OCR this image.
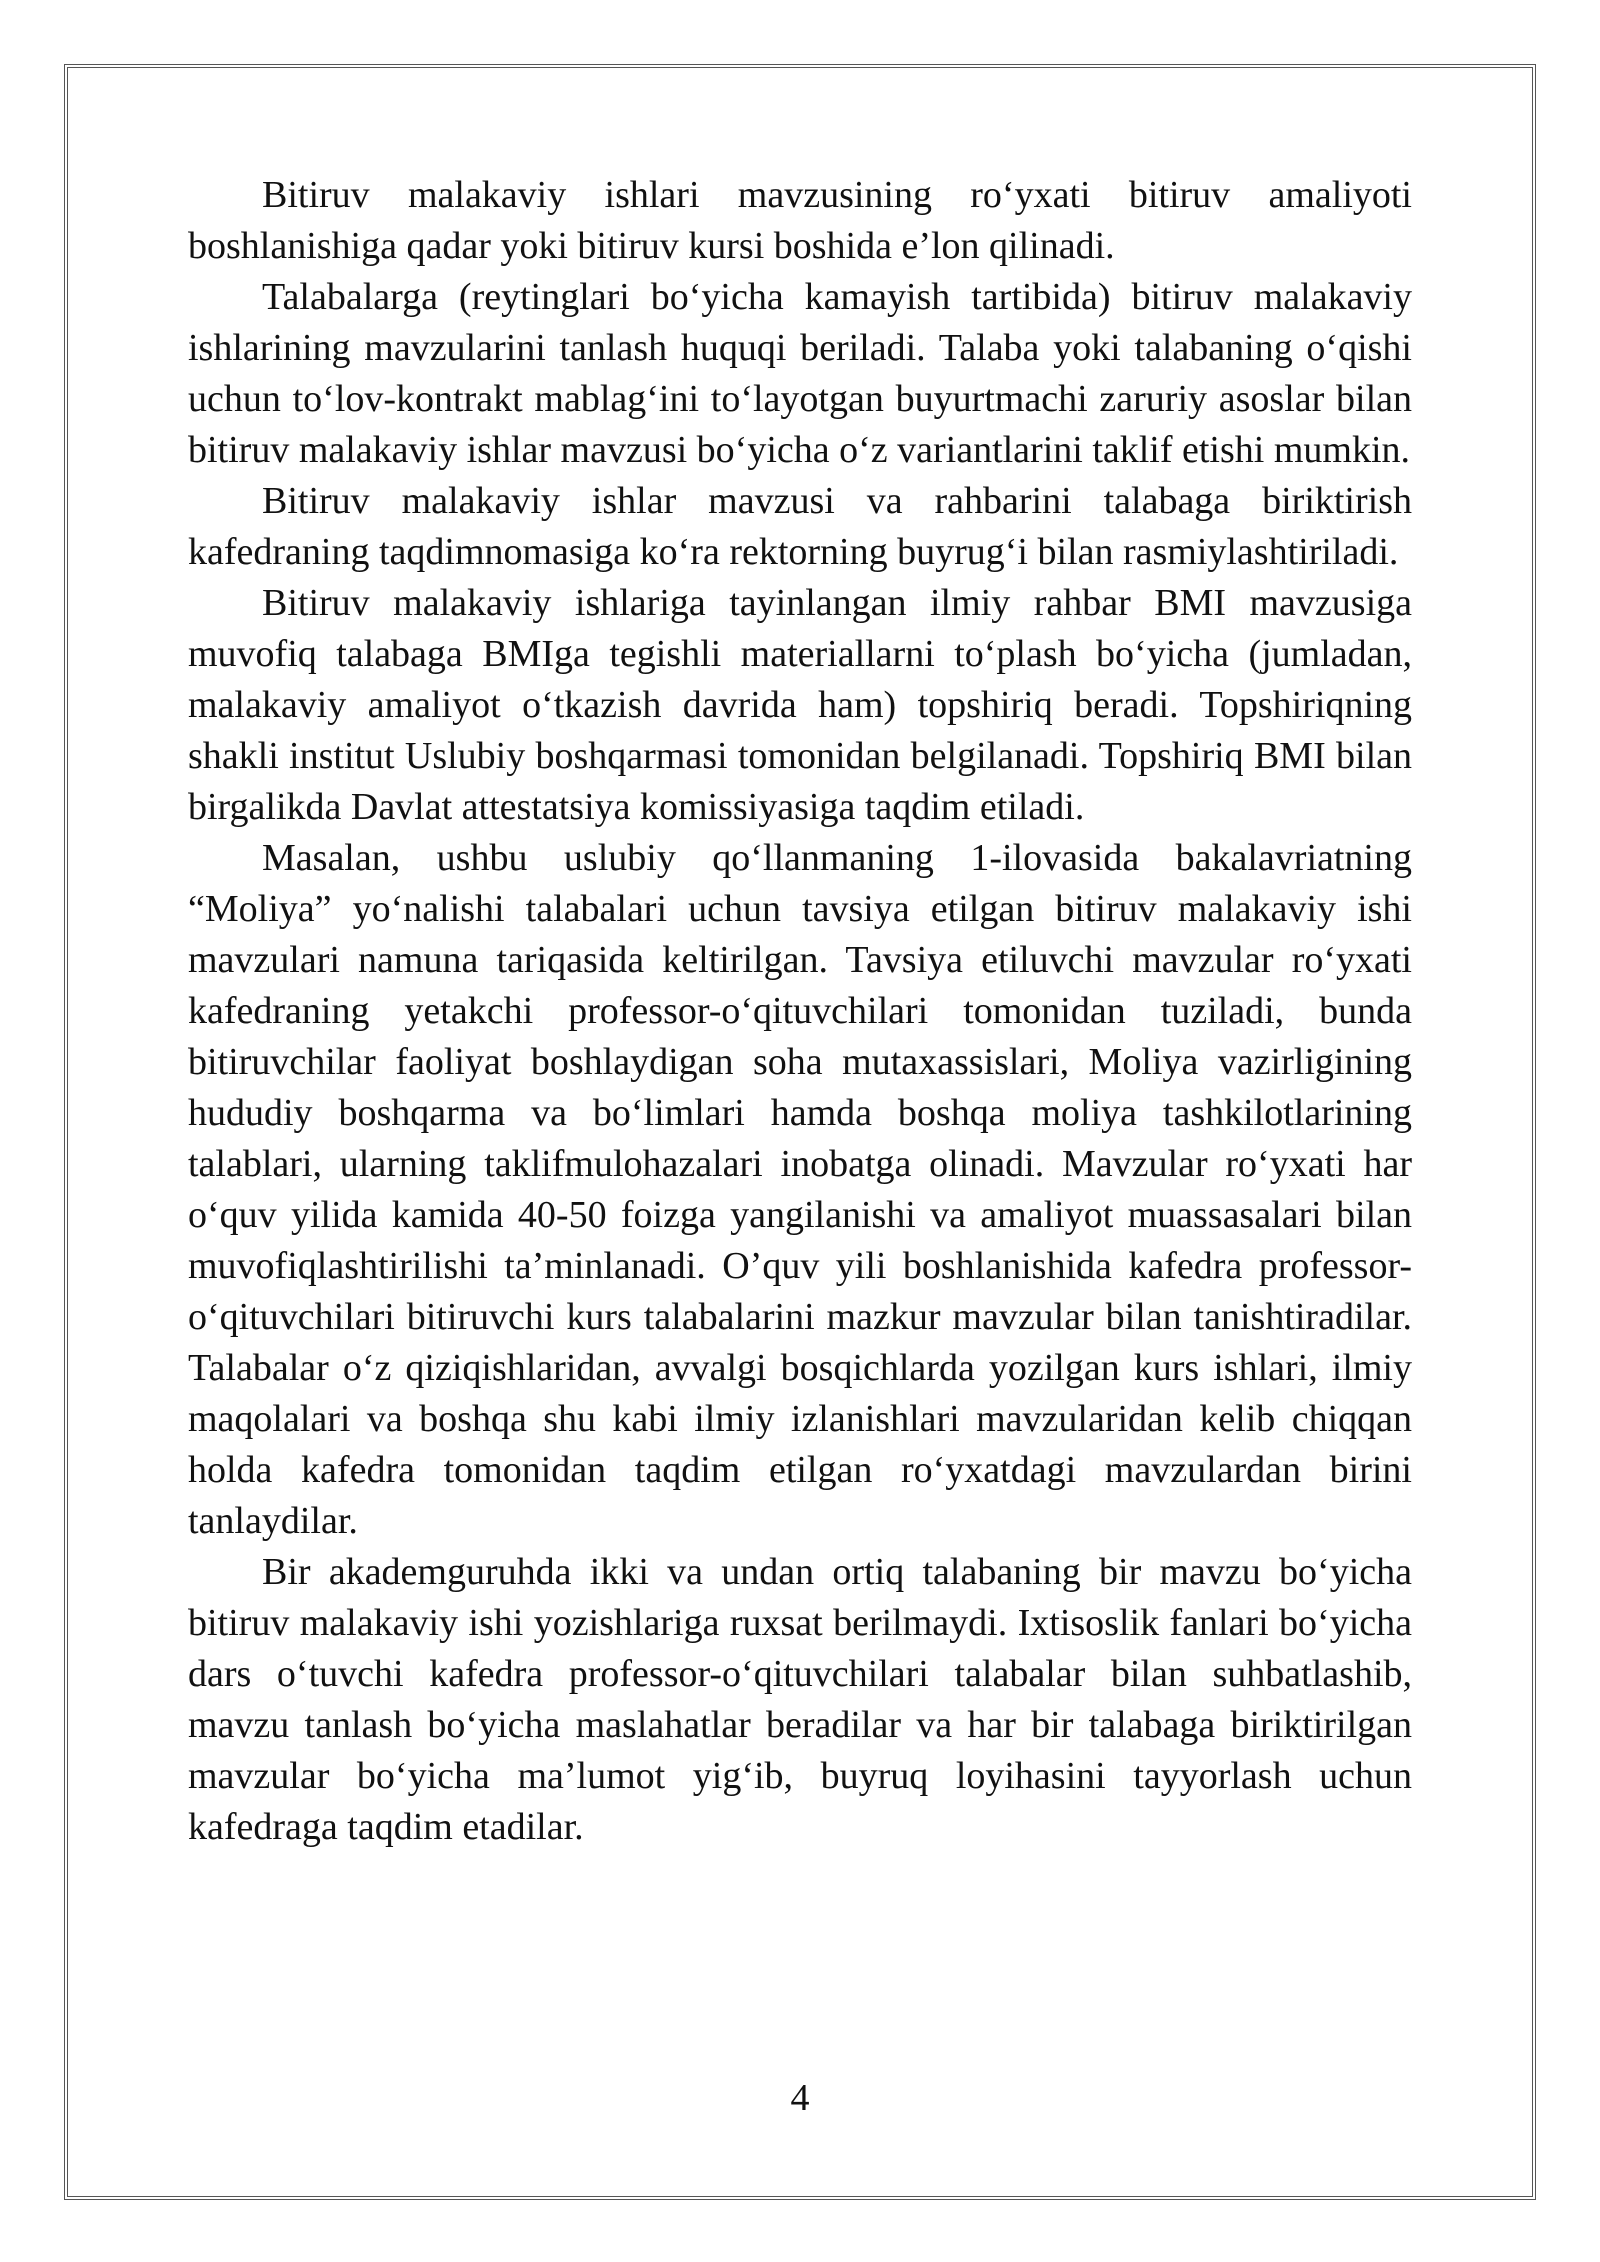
Bitiruv malakaviy ishlari mavzusining ro‘yxati bitiruv amaliyoti boshlanishiga qadar yoki bitiruv kursi boshida e’lon qilinadi.

Talabalarga (reytinglari bo‘yicha kamayish tartibida) bitiruv malakaviy ishlarining mavzularini tanlash huquqi beriladi. Talaba yoki talabaning o‘qishi uchun to‘lov-kontrakt mablag‘ini to‘layotgan buyurtmachi zaruriy asoslar bilan bitiruv malakaviy ishlar mavzusi bo‘yicha o‘z variantlarini taklif etishi mumkin.

Bitiruv malakaviy ishlar mavzusi va rahbarini talabaga biriktirish kafedraning taqdimnomasiga ko‘ra rektorning buyrug‘i bilan rasmiylashtiriladi.

Bitiruv malakaviy ishlariga tayinlangan ilmiy rahbar BMI mavzusiga muvofiq talabaga BMIga tegishli materiallarni to‘plash bo‘yicha (jumladan, malakaviy amaliyot o‘tkazish davrida ham) topshiriq beradi. Topshiriqning shakli institut Uslubiy boshqarmasi tomonidan belgilanadi. Topshiriq BMI bilan birgalikda Davlat attestatsiya komissiyasiga taqdim etiladi.

Masalan, ushbu uslubiy qo‘llanmaning 1-ilovasida bakalavriatning “Moliya” yo‘nalishi talabalari uchun tavsiya etilgan bitiruv malakaviy ishi mavzulari namuna tariqasida keltirilgan. Tavsiya etiluvchi mavzular ro‘yxati kafedraning yetakchi professor-o‘qituvchilari tomonidan tuziladi, bunda bitiruvchilar faoliyat boshlaydigan soha mutaxassislari, Moliya vazirligining hududiy boshqarma va bo‘limlari hamda boshqa moliya tashkilotlarining talablari, ularning taklifmulohazalari inobatga olinadi. Mavzular ro‘yxati har o‘quv yilida kamida 40-50 foizga yangilanishi va amaliyot muassasalari bilan muvofiqlashtirilishi ta’minlanadi. O’quv yili boshlanishida kafedra professor-o‘qituvchilari bitiruvchi kurs talabalarini mazkur mavzular bilan tanishtiradilar. Talabalar o‘z qiziqishlaridan, avvalgi bosqichlarda yozilgan kurs ishlari, ilmiy maqolalari va boshqa shu kabi ilmiy izlanishlari mavzularidan kelib chiqqan holda kafedra tomonidan taqdim etilgan ro‘yxatdagi mavzulardan birini tanlaydilar.

Bir akademguruhda ikki va undan ortiq talabaning bir mavzu bo‘yicha bitiruv malakaviy ishi yozishlariga ruxsat berilmaydi. Ixtisoslik fanlari bo‘yicha dars o‘tuvchi kafedra professor-o‘qituvchilari talabalar bilan suhbatlashib, mavzu tanlash bo‘yicha maslahatlar beradilar va har bir talabaga biriktirilgan mavzular bo‘yicha ma’lumot yig‘ib, buyruq loyihasini tayyorlash uchun kafedraga taqdim etadilar.

4
